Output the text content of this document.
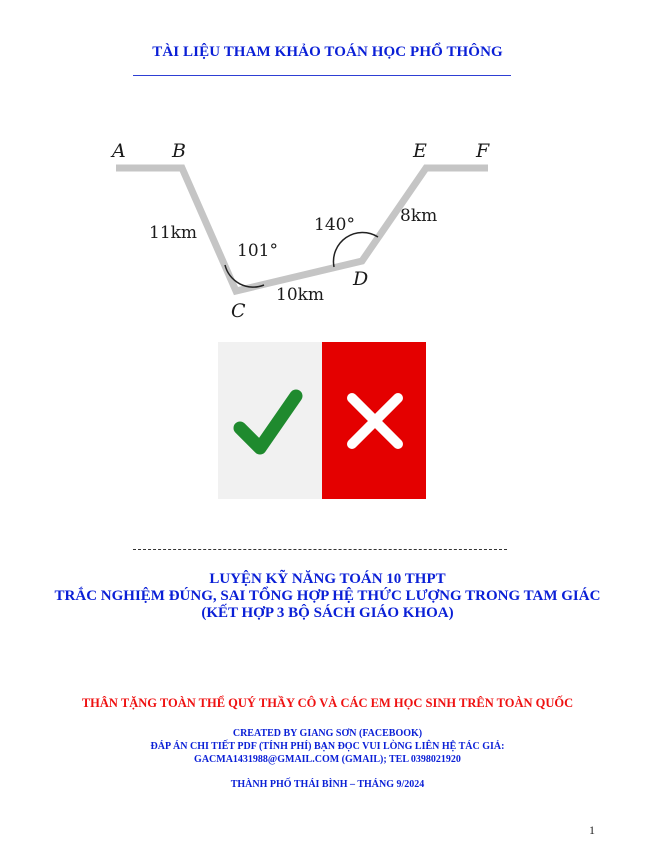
TÀI LIỆU THAM KHẢO TOÁN HỌC PHỔ THÔNG
A B
C
D
E	F
11km
10km
8km
101°
140°
LUYỆN KỸ NĂNG TOÁN 10 THPT
TRẮC NGHIỆM ĐÚNG, SAI TỔNG HỢP HỆ THỨC LƯỢNG TRONG TAM GIÁC
(KẾT HỢP 3 BỘ SÁCH GIÁO KHOA)
THÂN TẶNG TOÀN THỂ QUÝ THẦY CÔ VÀ CÁC EM HỌC SINH TRÊN TOÀN QUỐC
CREATED BY GIANG SƠN (FACEBOOK)
ĐÁP ÁN CHI TIẾT PDF (TÍNH PHÍ) BẠN ĐỌC VUI LÒNG LIÊN HỆ TÁC GIẢ:
GACMA1431988@GMAIL.COM (GMAIL); TEL 0398021920
THÀNH PHỐ THÁI BÌNH – THÁNG 9/2024
1
